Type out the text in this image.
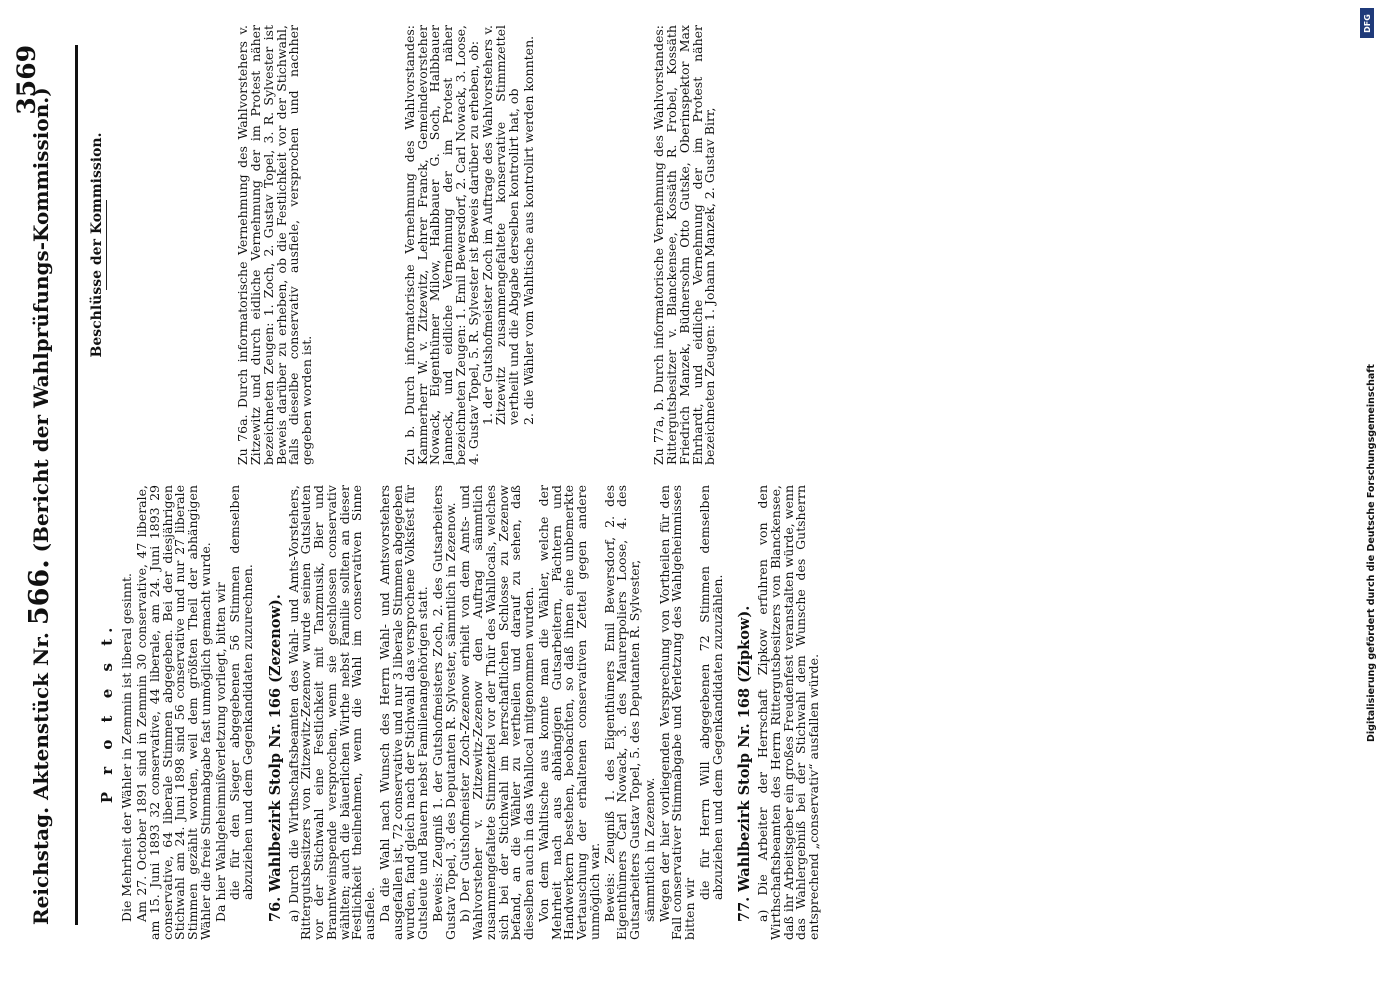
Reichstag. Aktenstück Nr. 566. (Bericht der Wahlprüfungs-Kommission.)
3569
P r o t e s t. Die Mehrheit der Wähler in Zemmin ist liberal gesinnt. Am 27. October 1891 sind in Zemmin 30 conservative, 47 liberale, am 15. Juni 1893 32 conservative, 44 liberale, am 24. Juni 1893 29 conservative, 64 liberale Stimmen abgegeben. Bei der diesjährigen Stichwahl am 24. Juni 1898 sind 56 conservative und nur 27 liberale Stimmen gezählt worden, weil dem größten Theil der abhängigen Wähler die freie Stimmabgabe fast unmöglich gemacht wurde. Da hier Wahlgeheimnißverletzung vorliegt, bitten wir die für den Sieger abgegebenen 56 Stimmen demselben abzuziehen und dem Gegenkandidaten zuzurechnen. 76. Wahlbezirk Stolp Nr. 166 (Zezenow). a) Durch die Wirthschaftsbeamten des Wahl- und Amts-Vorstehers, Rittergutsbesitzers von Zitzewitz-Zezenow wurde seinen Gutsleuten vor der Stichwahl eine Festlichkeit mit Tanzmusik, Bier und Branntweinspende versprochen, wenn sie geschlossen conservativ wählten; auch die bäuerlichen Wirthe nebst Familie sollten an dieser Festlichkeit theilnehmen, wenn die Wahl im conservativen Sinne ausfiele. Da die Wahl nach Wunsch des Herrn Wahl- und Amtsvorstehers ausgefallen ist, 72 conservative und nur 3 liberale Stimmen abgegeben wurden, fand gleich nach der Stichwahl das versprochene Volksfest für Gutsleute und Bauern nebst Familienangehörigen statt. Beweis: Zeugniß 1. der Gutshofmeisters Zoch, 2. des Gutsarbeiters Gustav Topel, 3. des Deputanten R. Sylvester, sämmtlich in Zezenow. b) Der Gutshofmeister Zoch-Zezenow erhielt von dem Amts- und Wahlvorsteher v. Zitzewitz-Zezenow den Auftrag sämmtlich zusammengefaltete Stimmzettel vor der Thür des Wahllocals, welches sich bei der Stichwahl im herrschaftlichen Schlosse zu Zezenow befand, an die Wähler zu vertheilen und darauf zu sehen, daß dieselben auch in das Wahllocal mitgenommen wurden. Von dem Wahltische aus konnte man die Wähler, welche der Mehrheit nach aus abhängigen Gutsarbeitern, Pächtern und Handwerkern bestehen, beobachten, so daß ihnen eine unbemerkte Vertauschung der erhaltenen conservativen Zettel gegen andere unmöglich war. Beweis: Zeugniß 1. des Eigenthümers Emil Bewersdorf, 2. des Eigenthümers Carl Nowack, 3. des Maurerpoliers Loose, 4. des Gutsarbeiters Gustav Topel, 5. des Deputanten R. Sylvester, sämmtlich in Zezenow. Wegen der hier vorliegenden Versprechung von Vortheilen für den Fall conservativer Stimmabgabe und Verletzung des Wahlgeheimnisses bitten wir

die für Herrn Will abgegebenen 72 Stimmen demselben abzuziehen und dem Gegenkandidaten zuzuzählen. 77. Wahlbezirk Stolp Nr. 168 (Zipkow). a) Die Arbeiter der Herrschaft Zipkow erfuhren von den Wirthschaftsbeamten des Herrn Rittergutsbesitzers von Blanckensee, daß ihr Arbeitsgeber ein großes Freudenfest veranstalten würde, wenn das Wahlergebniß bei der Stichwahl dem Wunsche des Gutsherrn entsprechend „conservativ“ ausfallen würde.

Beschlüsse der Kommission.	Zu 76a. Durch informatorische Vernehmung des Wahlvorstehers v. Zitzewitz und durch eidliche Vernehmung der im Protest näher bezeichneten Zeugen: 1. Zoch, 2. Gustav Topel, 3. R. Sylvester ist Beweis darüber zu erheben, ob die Festlichkeit vor der Stichwahl, falls dieselbe conservativ ausfiele, versprochen und nachher gegeben worden ist.	Zu b. Durch informatorische Vernehmung des Wahlvorstandes: Kammerherr W. v. Zitzewitz, Lehrer Franck, Gemeindevorsteher Nowack, Eigenthümer Milow, Halbbauer G. Soch, Halbbauer Janneck, und eidliche Vernehmung der im Protest näher bezeichneten Zeugen: 1. Emil Bewersdorf, 2. Carl Nowack, 3. Loose, 4. Gustav Topel, 5. R. Sylvester ist Beweis darüber zu erheben, ob: 1. der Gutshofmeister Zoch im Auftrage des Wahlvorstehers v. Zitzewitz zusammengefaltete konservative Stimmzettel vertheilt und die Abgabe derselben kontrolirt hat, ob 2. die Wähler vom Wahltische aus kontrolirt werden konnten.	Zu 77a, b. Durch informatorische Vernehmung des Wahlvorstandes: Rittergutsbesitzer v. Blanckensee, Kossäth R. Frobel, Kossäth Friedrich Manzek, Büdnersohn Otto Gutske, Oberinspektor Max Ehrhardt, und eidliche Vernehmung der im Protest näher bezeichneten Zeugen: 1. Johann Manzek, 2. Gustav Birr,

DFG
Digitalisierung gefördert durch die Deutsche Forschungsgemeinschaft
